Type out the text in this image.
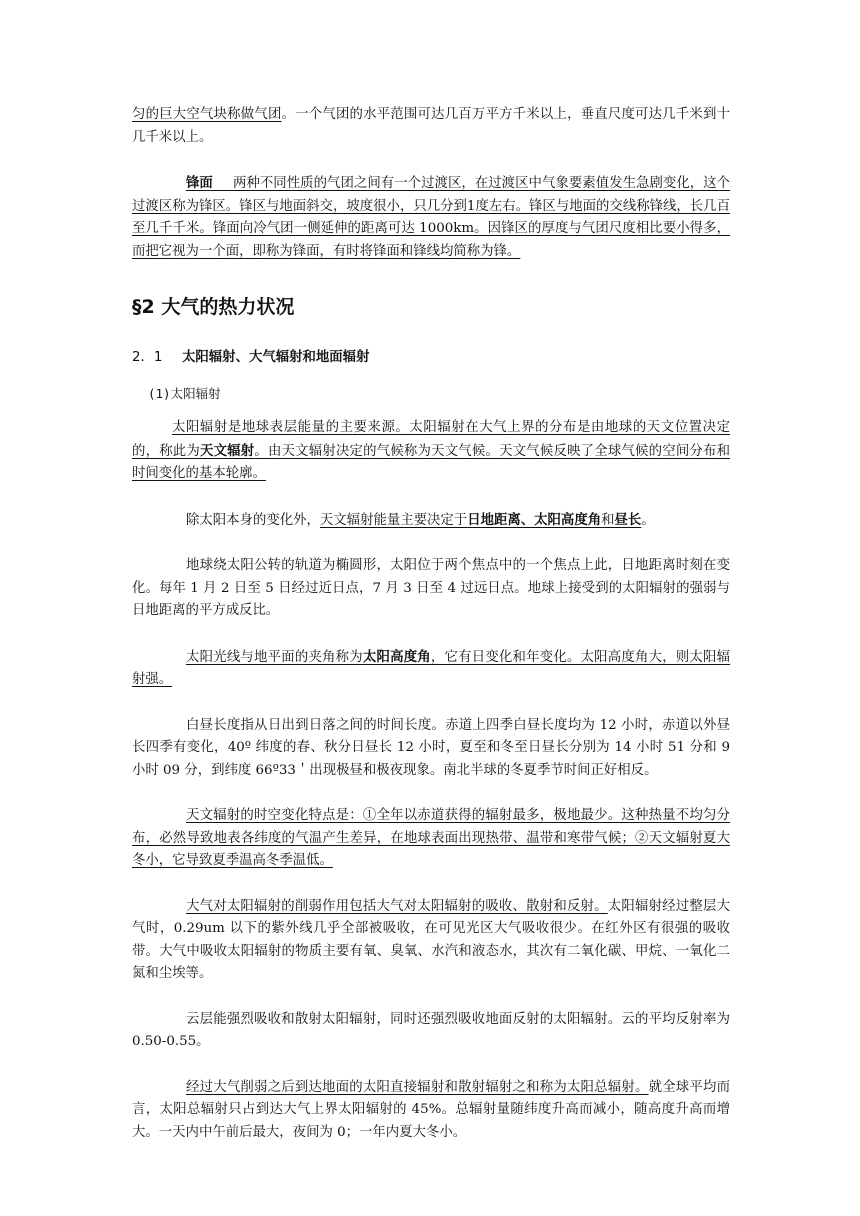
匀的巨大空气块称做气团。一个气团的水平范围可达几百万平方千米以上，垂直尺度可达几千米到十几千米以上。

锋面   两种不同性质的气团之间有一个过渡区，在过渡区中气象要素值发生急剧变化，这个过渡区称为锋区。锋区与地面斜交，坡度很小，只几分到1度左右。锋区与地面的交线称锋线，长几百至几千千米。锋面向冷气团一侧延伸的距离可达 1000km。因锋区的厚度与气团尺度相比要小得多，而把它视为一个面，即称为锋面，有时将锋面和锋线均简称为锋。

§2 大气的热力状况
2．1 太阳辐射、大气辐射和地面辐射

(1)太阳辐射

太阳辐射是地球表层能量的主要来源。太阳辐射在大气上界的分布是由地球的天文位置决定的，称此为天文辐射。由天文辐射决定的气候称为天文气候。天文气候反映了全球气候的空间分布和时间变化的基本轮廓。

除太阳本身的变化外，天文辐射能量主要决定于日地距离、太阳高度角和昼长。

地球绕太阳公转的轨道为椭圆形，太阳位于两个焦点中的一个焦点上此，日地距离时刻在变化。每年 1 月 2 日至 5 日经过近日点，7 月 3 日至 4 过远日点。地球上接受到的太阳辐射的强弱与日地距离的平方成反比。

太阳光线与地平面的夹角称为太阳高度角，它有日变化和年变化。太阳高度角大，则太阳辐射强。

白昼长度指从日出到日落之间的时间长度。赤道上四季白昼长度均为 12 小时，赤道以外昼长四季有变化，40º 纬度的春、秋分日昼长 12 小时，夏至和冬至日昼长分别为 14 小时 51 分和 9 小时 09 分，到纬度 66º33＇出现极昼和极夜现象。南北半球的冬夏季节时间正好相反。

天文辐射的时空变化特点是：①全年以赤道获得的辐射最多，极地最少。这种热量不均匀分布，必然导致地表各纬度的气温产生差异，在地球表面出现热带、温带和寒带气候；②天文辐射夏大冬小，它导致夏季温高冬季温低。

大气对太阳辐射的削弱作用包括大气对太阳辐射的吸收、散射和反射。太阳辐射经过整层大气时，0.29um 以下的紫外线几乎全部被吸收，在可见光区大气吸收很少。在红外区有很强的吸收带。大气中吸收太阳辐射的物质主要有氧、臭氧、水汽和液态水，其次有二氧化碳、甲烷、一氧化二氮和尘埃等。

云层能强烈吸收和散射太阳辐射，同时还强烈吸收地面反射的太阳辐射。云的平均反射率为 0.50-0.55。

经过大气削弱之后到达地面的太阳直接辐射和散射辐射之和称为太阳总辐射。就全球平均而言，太阳总辐射只占到达大气上界太阳辐射的 45%。总辐射量随纬度升高而减小，随高度升高而增大。一天内中午前后最大，夜间为 0；一年内夏大冬小。
